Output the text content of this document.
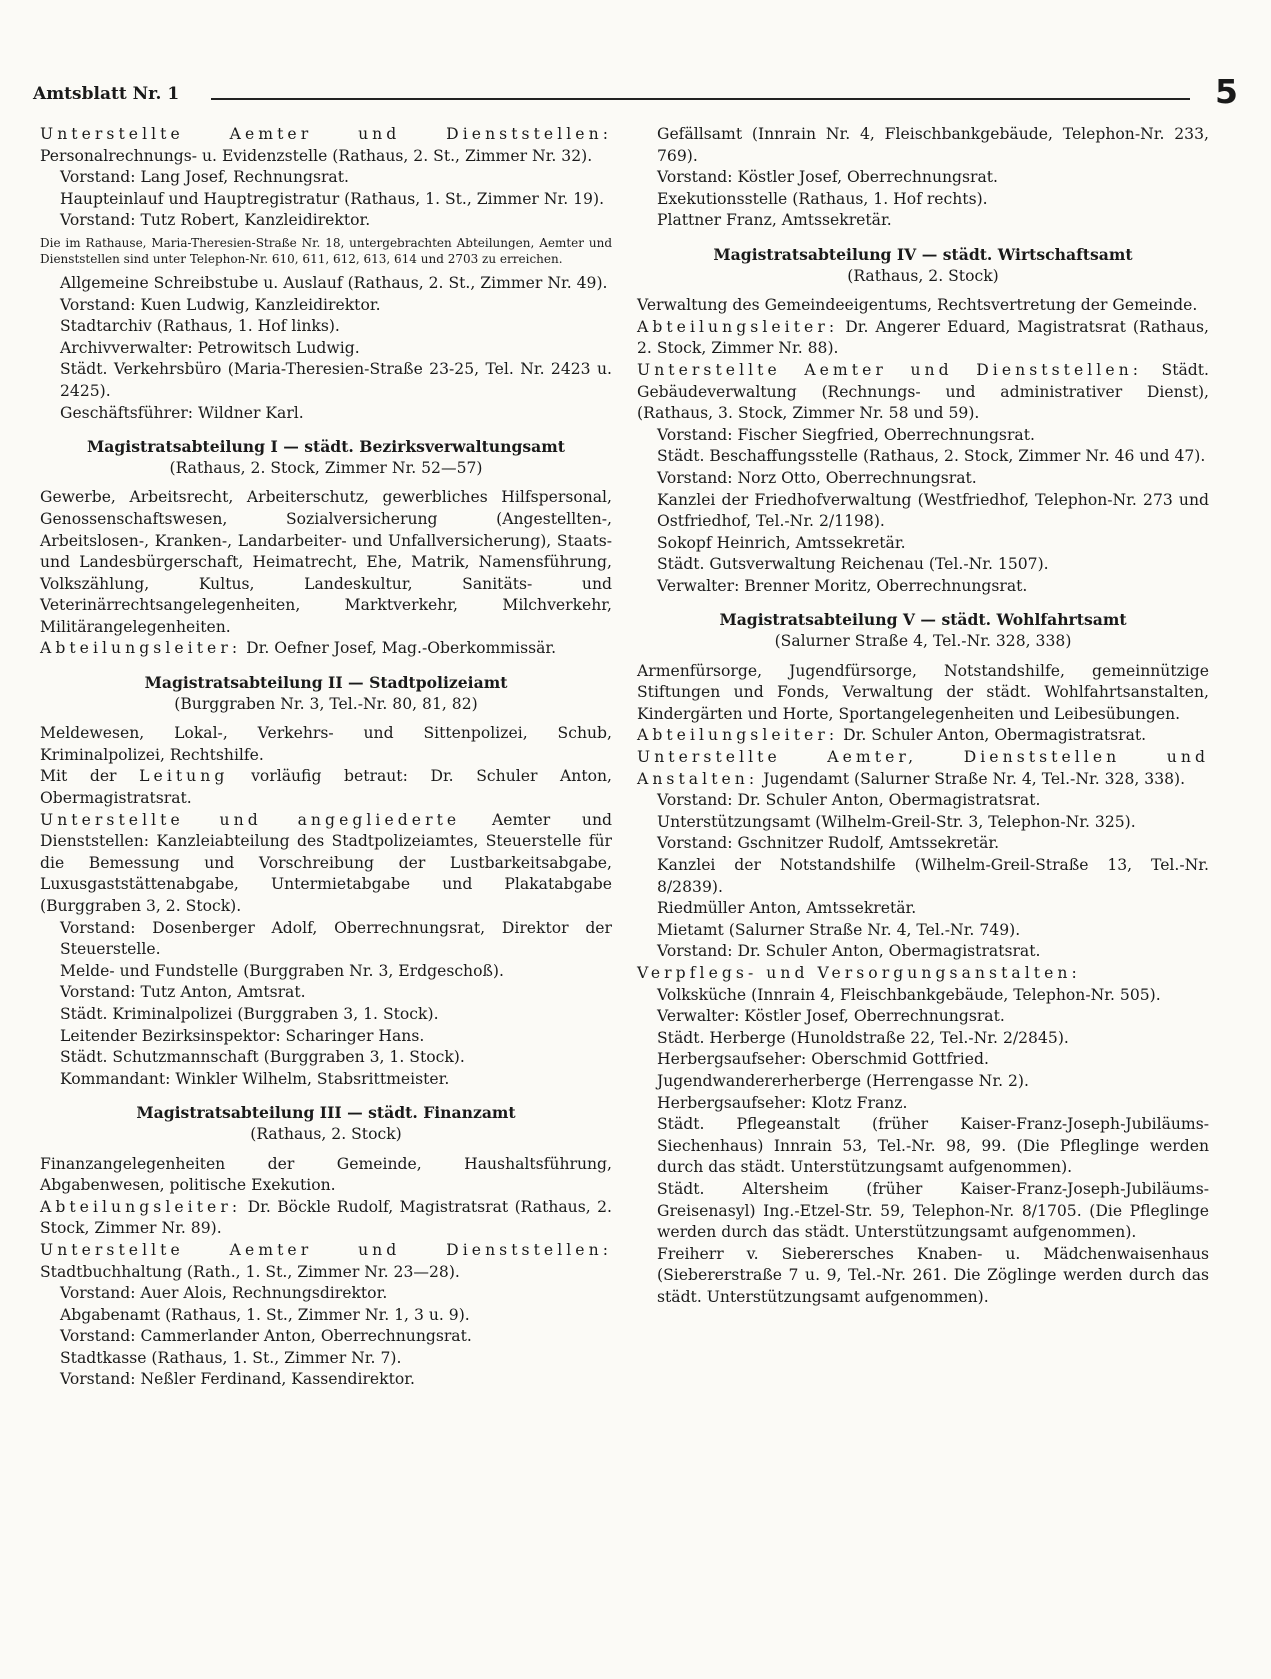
Amtsblatt Nr. 1	5

Unterstellte Aemter und Dienststellen: Personalrechnungs- u. Evidenzstelle (Rathaus, 2. St., Zimmer Nr. 32).

Vorstand: Lang Josef, Rechnungsrat.

Haupteinlauf und Hauptregistratur (Rathaus, 1. St., Zimmer Nr. 19).

Vorstand: Tutz Robert, Kanzleidirektor.

Die im Rathause, Maria-Theresien-Straße Nr. 18, untergebrachten Abteilungen, Aemter und Dienststellen sind unter Telephon-Nr. 610, 611, 612, 613, 614 und 2703 zu erreichen.

Allgemeine Schreibstube u. Auslauf (Rathaus, 2. St., Zimmer Nr. 49).

Vorstand: Kuen Ludwig, Kanzleidirektor.

Stadtarchiv (Rathaus, 1. Hof links).

Archivverwalter: Petrowitsch Ludwig.

Städt. Verkehrsbüro (Maria-Theresien-Straße 23-25, Tel. Nr. 2423 u. 2425).

Geschäftsführer: Wildner Karl.

Magistratsabteilung I — städt. Bezirksverwaltungsamt

(Rathaus, 2. Stock, Zimmer Nr. 52—57)

Gewerbe, Arbeitsrecht, Arbeiterschutz, gewerbliches Hilfspersonal, Genossenschaftswesen, Sozialversicherung (Angestellten-, Arbeitslosen-, Kranken-, Landarbeiter- und Unfallversicherung), Staats- und Landesbürgerschaft, Heimatrecht, Ehe, Matrik, Namensführung, Volkszählung, Kultus, Landeskultur, Sanitäts- und Veterinärrechtsangelegenheiten, Marktverkehr, Milchverkehr, Militärangelegenheiten.

Abteilungsleiter: Dr. Oefner Josef, Mag.-Oberkommissär.

Magistratsabteilung II — Stadtpolizeiamt

(Burggraben Nr. 3, Tel.-Nr. 80, 81, 82)

Meldewesen, Lokal-, Verkehrs- und Sittenpolizei, Schub, Kriminalpolizei, Rechtshilfe.

Mit der Leitung vorläufig betraut: Dr. Schuler Anton, Obermagistratsrat.

Unterstellte und angegliederte Aemter und Dienststellen: Kanzleiabteilung des Stadtpolizeiamtes, Steuerstelle für die Bemessung und Vorschreibung der Lustbarkeitsabgabe, Luxusgaststättenabgabe, Untermietabgabe und Plakatabgabe (Burggraben 3, 2. Stock).

Vorstand: Dosenberger Adolf, Oberrechnungsrat, Direktor der Steuerstelle.

Melde- und Fundstelle (Burggraben Nr. 3, Erdgeschoß).

Vorstand: Tutz Anton, Amtsrat.

Städt. Kriminalpolizei (Burggraben 3, 1. Stock).

Leitender Bezirksinspektor: Scharinger Hans.

Städt. Schutzmannschaft (Burggraben 3, 1. Stock).

Kommandant: Winkler Wilhelm, Stabsrittmeister.

Magistratsabteilung III — städt. Finanzamt

(Rathaus, 2. Stock)

Finanzangelegenheiten der Gemeinde, Haushaltsführung, Abgabenwesen, politische Exekution.

Abteilungsleiter: Dr. Böckle Rudolf, Magistratsrat (Rathaus, 2. Stock, Zimmer Nr. 89).

Unterstellte Aemter und Dienststellen: Stadtbuchhaltung (Rath., 1. St., Zimmer Nr. 23—28).

Vorstand: Auer Alois, Rechnungsdirektor.

Abgabenamt (Rathaus, 1. St., Zimmer Nr. 1, 3 u. 9).

Vorstand: Cammerlander Anton, Oberrechnungsrat.

Stadtkasse (Rathaus, 1. St., Zimmer Nr. 7).

Vorstand: Neßler Ferdinand, Kassendirektor.

Gefällsamt (Innrain Nr. 4, Fleischbankgebäude, Telephon-Nr. 233, 769).

Vorstand: Köstler Josef, Oberrechnungsrat.

Exekutionsstelle (Rathaus, 1. Hof rechts).

Plattner Franz, Amtssekretär.

Magistratsabteilung IV — städt. Wirtschaftsamt

(Rathaus, 2. Stock)

Verwaltung des Gemeindeeigentums, Rechtsvertretung der Gemeinde.

Abteilungsleiter: Dr. Angerer Eduard, Magistratsrat (Rathaus, 2. Stock, Zimmer Nr. 88).

Unterstellte Aemter und Dienststellen: Städt. Gebäudeverwaltung (Rechnungs- und administrativer Dienst), (Rathaus, 3. Stock, Zimmer Nr. 58 und 59).

Vorstand: Fischer Siegfried, Oberrechnungsrat.

Städt. Beschaffungsstelle (Rathaus, 2. Stock, Zimmer Nr. 46 und 47).

Vorstand: Norz Otto, Oberrechnungsrat.

Kanzlei der Friedhofverwaltung (Westfriedhof, Telephon-Nr. 273 und Ostfriedhof, Tel.-Nr. 2/1198).

Sokopf Heinrich, Amtssekretär.

Städt. Gutsverwaltung Reichenau (Tel.-Nr. 1507).

Verwalter: Brenner Moritz, Oberrechnungsrat.

Magistratsabteilung V — städt. Wohlfahrtsamt

(Salurner Straße 4, Tel.-Nr. 328, 338)

Armenfürsorge, Jugendfürsorge, Notstandshilfe, gemeinnützige Stiftungen und Fonds, Verwaltung der städt. Wohlfahrtsanstalten, Kindergärten und Horte, Sportangelegenheiten und Leibesübungen.

Abteilungsleiter: Dr. Schuler Anton, Obermagistratsrat.

Unterstellte Aemter, Dienststellen und Anstalten: Jugendamt (Salurner Straße Nr. 4, Tel.-Nr. 328, 338).

Vorstand: Dr. Schuler Anton, Obermagistratsrat.

Unterstützungsamt (Wilhelm-Greil-Str. 3, Telephon-Nr. 325).

Vorstand: Gschnitzer Rudolf, Amtssekretär.

Kanzlei der Notstandshilfe (Wilhelm-Greil-Straße 13, Tel.-Nr. 8/2839).

Riedmüller Anton, Amtssekretär.

Mietamt (Salurner Straße Nr. 4, Tel.-Nr. 749).

Vorstand: Dr. Schuler Anton, Obermagistratsrat.

Verpflegs- und Versorgungsanstalten:

Volksküche (Innrain 4, Fleischbankgebäude, Telephon-Nr. 505).

Verwalter: Köstler Josef, Oberrechnungsrat.

Städt. Herberge (Hunoldstraße 22, Tel.-Nr. 2/2845).

Herbergsaufseher: Oberschmid Gottfried.

Jugendwandererherberge (Herrengasse Nr. 2).

Herbergsaufseher: Klotz Franz.

Städt. Pflegeanstalt (früher Kaiser-Franz-Joseph-Jubiläums-Siechenhaus) Innrain 53, Tel.-Nr. 98, 99. (Die Pfleglinge werden durch das städt. Unterstützungsamt aufgenommen).

Städt. Altersheim (früher Kaiser-Franz-Joseph-Jubiläums-Greisenasyl) Ing.-Etzel-Str. 59, Telephon-Nr. 8/1705. (Die Pfleglinge werden durch das städt. Unterstützungsamt aufgenommen).

Freiherr v. Sieberersches Knaben- u. Mädchenwaisenhaus (Siebererstraße 7 u. 9, Tel.-Nr. 261. Die Zöglinge werden durch das städt. Unterstützungsamt aufgenommen).
